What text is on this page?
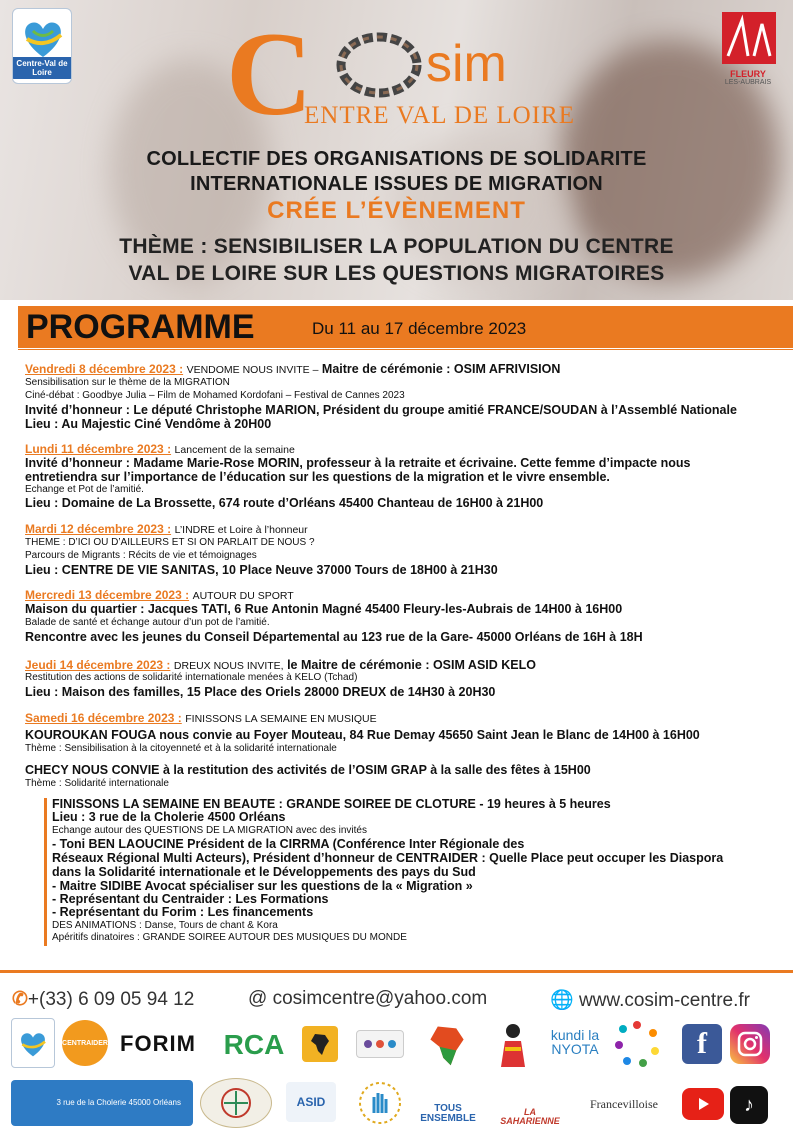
Centre-Val de Loire	FLEURY
LES-AUBRAIS
C sim
ENTRE VAL DE LOIRE
COLLECTIF DES ORGANISATIONS DE SOLIDARITE
INTERNATIONALE ISSUES DE MIGRATION
CRÉE L’ÉVÈNEMENT
THÈME : SENSIBILISER LA POPULATION DU CENTRE
VAL DE LOIRE SUR LES QUESTIONS MIGRATOIRES
PROGRAMME	Du 11 au 17 décembre 2023
Vendredi 8 décembre 2023 : VENDOME NOUS INVITE – Maitre de cérémonie : OSIM AFRIVISION
Sensibilisation sur le thème de la MIGRATION
Ciné-débat : Goodbye Julia – Film de Mohamed Kordofani – Festival de Cannes 2023
Invité d’honneur : Le député Christophe MARION, Président du groupe amitié FRANCE/SOUDAN à l’Assemblé Nationale
Lieu : Au Majestic Ciné Vendôme à 20H00
Lundi 11 décembre 2023 : Lancement de la semaine
Invité d’honneur : Madame Marie-Rose MORIN, professeur à la retraite et écrivaine. Cette femme d’impacte nous
entretiendra sur l’importance de l’éducation sur les questions de la migration et le vivre ensemble.
Echange et Pot de l’amitié.
Lieu : Domaine de La Brossette, 674 route d’Orléans 45400 Chanteau de 16H00 à 21H00
Mardi 12 décembre 2023 : L’INDRE et Loire à l’honneur
THEME : D’ICI OU D’AILLEURS ET SI ON PARLAIT DE NOUS ?
Parcours de Migrants : Récits de vie et témoignages
Lieu : CENTRE DE VIE SANITAS, 10 Place Neuve 37000 Tours de 18H00 à 21H30
Mercredi 13 décembre 2023 : AUTOUR DU SPORT
Maison du quartier : Jacques TATI, 6 Rue Antonin Magné 45400 Fleury-les-Aubrais de 14H00 à 16H00
Balade de santé et échange autour d’un pot de l’amitié.
Rencontre avec les jeunes du Conseil Départemental au 123 rue de la Gare- 45000 Orléans de 16H à 18H
Jeudi 14 décembre 2023 : DREUX NOUS INVITE, le Maitre de cérémonie : OSIM ASID KELO
Restitution des actions de solidarité internationale menées à KELO (Tchad)
Lieu : Maison des familles, 15 Place des Oriels 28000 DREUX de 14H30 à 20H30
Samedi 16 décembre 2023 : FINISSONS LA SEMAINE EN MUSIQUE
KOUROUKAN FOUGA nous convie au Foyer Mouteau, 84 Rue Demay 45650 Saint Jean le Blanc de 14H00 à 16H00
Thème : Sensibilisation à la citoyenneté et à la solidarité internationale
CHECY NOUS CONVIE à la restitution des activités de l’OSIM GRAP à la salle des fêtes à 15H00
Thème : Solidarité internationale
FINISSONS LA SEMAINE EN BEAUTE : GRANDE SOIREE DE CLOTURE - 19 heures à 5 heures
Lieu : 3 rue de la Cholerie 4500 Orléans
Echange autour des QUESTIONS DE LA MIGRATION avec des invités
- Toni BEN LAOUCINE Président de la CIRRMA (Conférence Inter Régionale des
Réseaux Régional Multi Acteurs), Président d’honneur de CENTRAIDER : Quelle Place peut occuper les Diaspora
dans la Solidarité internationale et le Développements des pays du Sud
- Maitre SIDIBE Avocat spécialiser sur les questions de la « Migration »
- Représentant du Centraider : Les Formations
- Représentant du Forim : Les financements
DES ANIMATIONS : Danse, Tours de chant & Kora
Apéritifs dinatoires : GRANDE SOIREE AUTOUR DES MUSIQUES DU MONDE
✆+(33) 6 09 05 94 12	@ cosimcentre@yahoo.com	🌐 www.cosim-centre.fr
CENTRAIDER FORIM RCA	kundi la NYOTA	f
3 rue de la Cholerie 45000 Orléans	ASID	TOUS ENSEMBLE
LA SAHARIENNE
Francevilloise	♪
